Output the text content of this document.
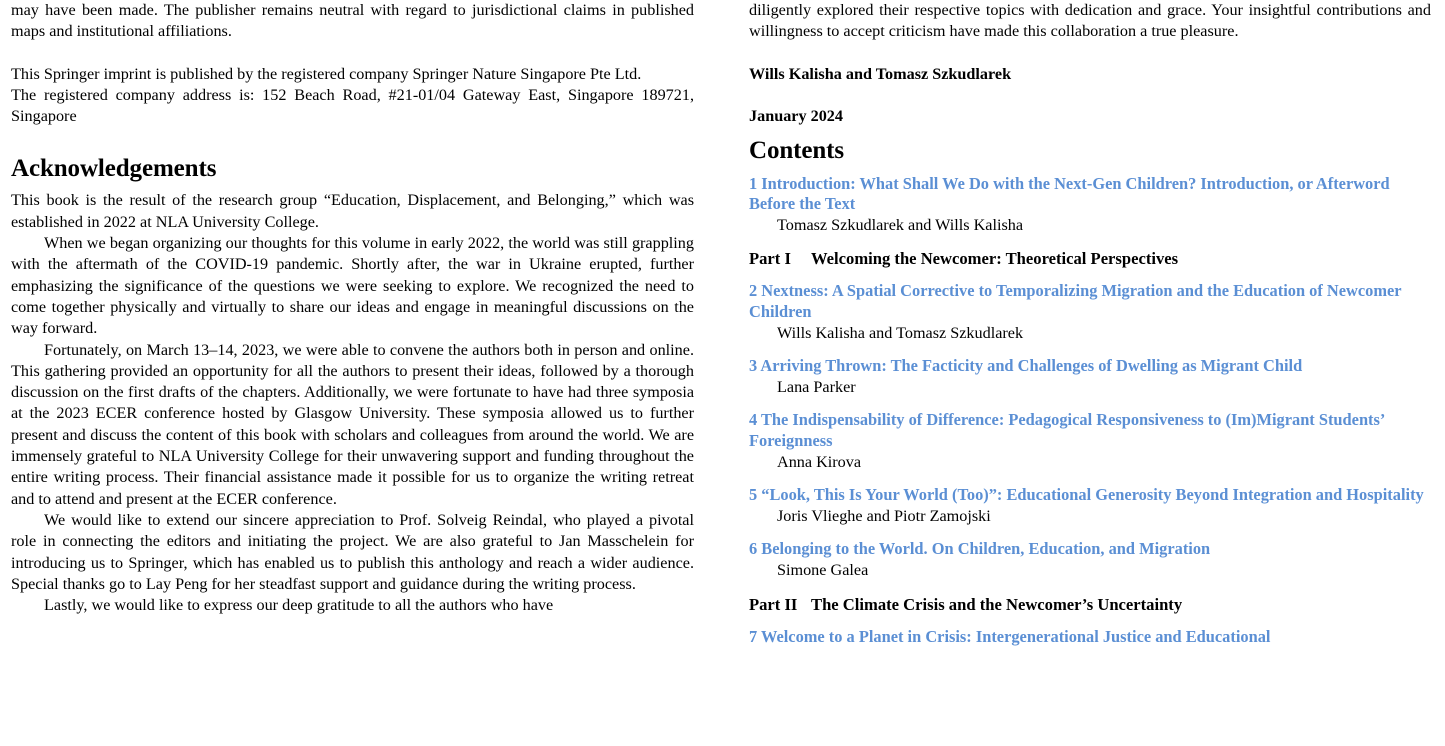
may have been made. The publisher remains neutral with regard to jurisdictional claims in published maps and institutional affiliations.

This Springer imprint is published by the registered company Springer Nature Singapore Pte Ltd.

The registered company address is: 152 Beach Road, #21-01/04 Gateway East, Singapore 189721, Singapore

Acknowledgements

This book is the result of the research group “Education, Displacement, and Belonging,” which was established in 2022 at NLA University College.

When we began organizing our thoughts for this volume in early 2022, the world was still grappling with the aftermath of the COVID-19 pandemic. Shortly after, the war in Ukraine erupted, further emphasizing the significance of the questions we were seeking to explore. We recognized the need to come together physically and virtually to share our ideas and engage in meaningful discussions on the way forward.

Fortunately, on March 13–14, 2023, we were able to convene the authors both in person and online. This gathering provided an opportunity for all the authors to present their ideas, followed by a thorough discussion on the first drafts of the chapters. Additionally, we were fortunate to have had three symposia at the 2023 ECER conference hosted by Glasgow University. These symposia allowed us to further present and discuss the content of this book with scholars and colleagues from around the world. We are immensely grateful to NLA University College for their unwavering support and funding throughout the entire writing process. Their financial assistance made it possible for us to organize the writing retreat and to attend and present at the ECER conference.

We would like to extend our sincere appreciation to Prof. Solveig Reindal, who played a pivotal role in connecting the editors and initiating the project. We are also grateful to Jan Masschelein for introducing us to Springer, which has enabled us to publish this anthology and reach a wider audience. Special thanks go to Lay Peng for her steadfast support and guidance during the writing process.

Lastly, we would like to express our deep gratitude to all the authors who have

diligently explored their respective topics with dedication and grace. Your insightful contributions and willingness to accept criticism have made this collaboration a true pleasure.

Wills Kalisha and Tomasz Szkudlarek

January 2024

Contents
1 Introduction: What Shall We Do with the Next-Gen Children? Introduction, or Afterword Before the Text
Tomasz Szkudlarek and Wills Kalisha
Part I Welcoming the Newcomer: Theoretical Perspectives
2 Nextness: A Spatial Corrective to Temporalizing Migration and the Education of Newcomer Children
Wills Kalisha and Tomasz Szkudlarek
3 Arriving Thrown: The Facticity and Challenges of Dwelling as Migrant Child
Lana Parker
4 The Indispensability of Difference: Pedagogical Responsiveness to (Im)Migrant Students’ Foreignness
Anna Kirova
5 “Look, This Is Your World (Too)”: Educational Generosity Beyond Integration and Hospitality
Joris Vlieghe and Piotr Zamojski
6 Belonging to the World. On Children, Education, and Migration
Simone Galea
Part II The Climate Crisis and the Newcomer’s Uncertainty
7 Welcome to a Planet in Crisis: Intergenerational Justice and Educational
